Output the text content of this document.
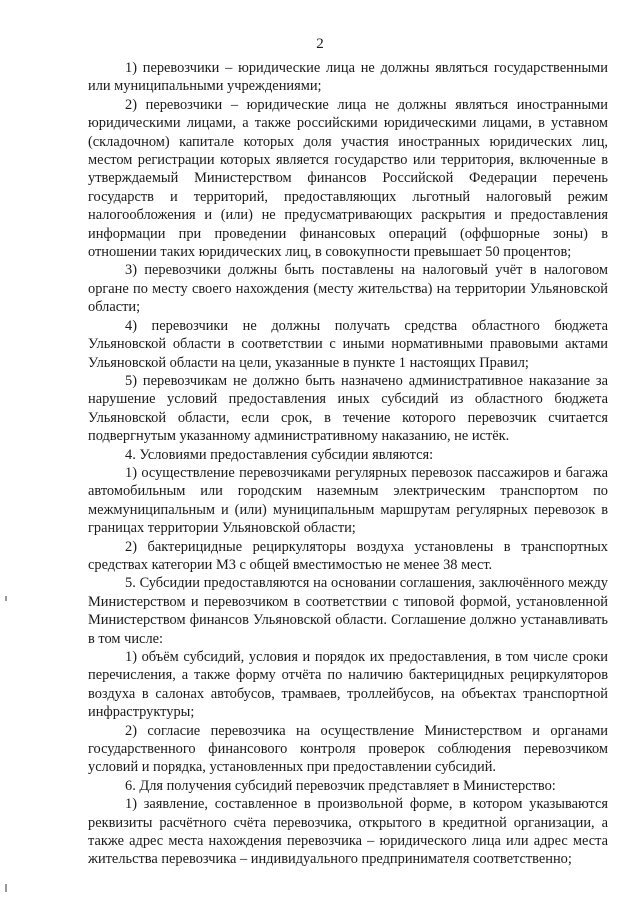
2

1) перевозчики – юридические лица не должны являться государственными или муниципальными учреждениями;

2) перевозчики – юридические лица не должны являться иностранными юридическими лицами, а также российскими юридическими лицами, в уставном (складочном) капитале которых доля участия иностранных юридических лиц, местом регистрации которых является государство или территория, включенные в утверждаемый Министерством финансов Российской Федерации перечень государств и территорий, предоставляющих льготный налоговый режим налогообложения и (или) не предусматривающих раскрытия и предоставления информации при проведении финансовых операций (оффшорные зоны) в отношении таких юридических лиц, в совокупности превышает 50 процентов;

3) перевозчики должны быть поставлены на налоговый учёт в налоговом органе по месту своего нахождения (месту жительства) на территории Ульяновской области;

4) перевозчики не должны получать средства областного бюджета Ульяновской области в соответствии с иными нормативными правовыми актами Ульяновской области на цели, указанные в пункте 1 настоящих Правил;

5) перевозчикам не должно быть назначено административное наказание за нарушение условий предоставления иных субсидий из областного бюджета Ульяновской области, если срок, в течение которого перевозчик считается подвергнутым указанному административному наказанию, не истёк.

4. Условиями предоставления субсидии являются:

1) осуществление перевозчиками регулярных перевозок пассажиров и багажа автомобильным или городским наземным электрическим транспортом по межмуниципальным и (или) муниципальным маршрутам регулярных перевозок в границах территории Ульяновской области;

2) бактерицидные рециркуляторы воздуха установлены в транспортных средствах категории М3 с общей вместимостью не менее 38 мест.

5. Субсидии предоставляются на основании соглашения, заключённого между Министерством и перевозчиком в соответствии с типовой формой, установленной Министерством финансов Ульяновской области. Соглашение должно устанавливать в том числе:

1) объём субсидий, условия и порядок их предоставления, в том числе сроки перечисления, а также форму отчёта по наличию бактерицидных рециркуляторов воздуха в салонах автобусов, трамваев, троллейбусов, на объектах транспортной инфраструктуры;

2) согласие перевозчика на осуществление Министерством и органами государственного финансового контроля проверок соблюдения перевозчиком условий и порядка, установленных при предоставлении субсидий.

6. Для получения субсидий перевозчик представляет в Министерство:

1) заявление, составленное в произвольной форме, в котором указываются реквизиты расчётного счёта перевозчика, открытого в кредитной организации, а также адрес места нахождения перевозчика – юридического лица или адрес места жительства перевозчика – индивидуального предпринимателя соответственно;
